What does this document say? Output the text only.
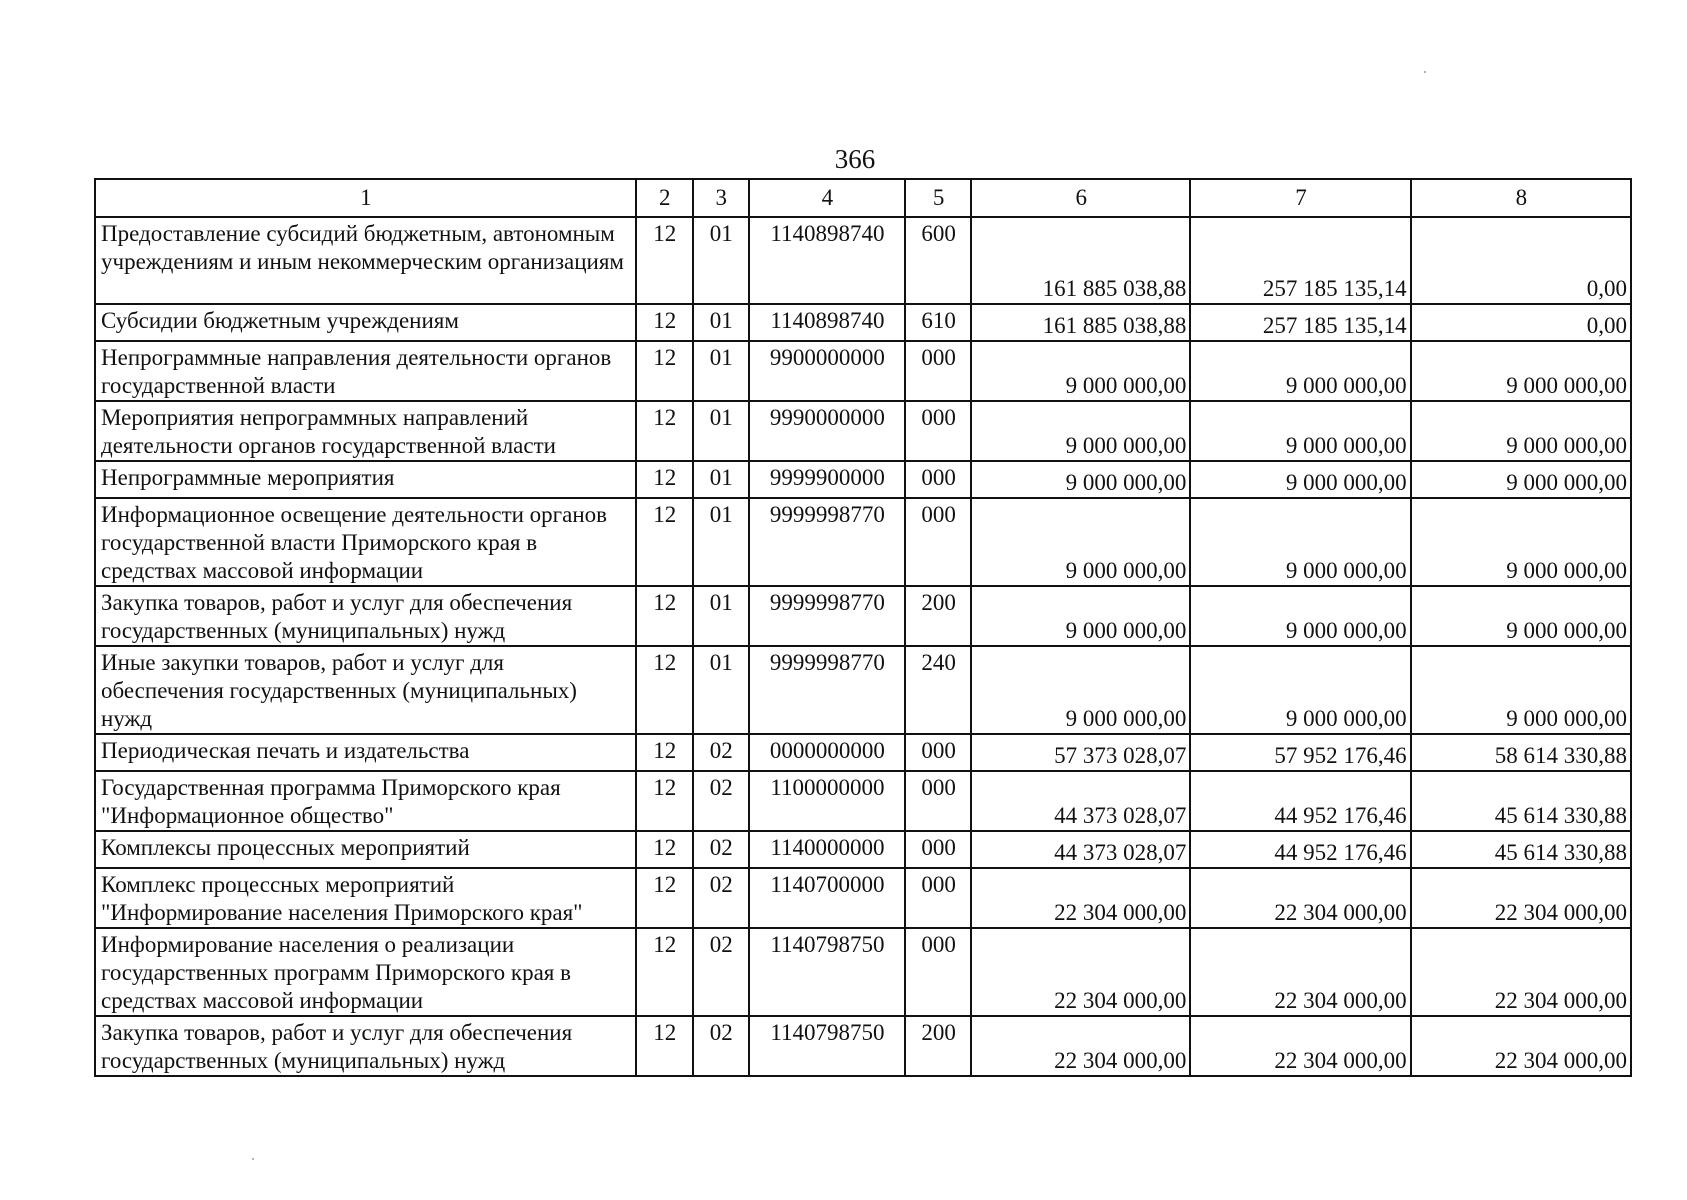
366
1	2	3	4	5	6	7	8
Предоставление субсидий бюджетным, автономным учреждениям и иным некоммерческим организациям	12	01	1140898740	600	161 885 038,88	257 185 135,14	0,00
Субсидии бюджетным учреждениям	12	01	1140898740	610	161 885 038,88	257 185 135,14	0,00
Непрограммные направления деятельности органов государственной власти	12	01	9900000000	000	9 000 000,00	9 000 000,00	9 000 000,00
Мероприятия непрограммных направлений деятельности органов государственной власти	12	01	9990000000	000	9 000 000,00	9 000 000,00	9 000 000,00
Непрограммные мероприятия	12	01	9999900000	000	9 000 000,00	9 000 000,00	9 000 000,00
Информационное освещение деятельности органов государственной власти Приморского края в средствах массовой информации	12	01	9999998770	000	9 000 000,00	9 000 000,00	9 000 000,00
Закупка товаров, работ и услуг для обеспечения государственных (муниципальных) нужд	12	01	9999998770	200	9 000 000,00	9 000 000,00	9 000 000,00
Иные закупки товаров, работ и услуг для обеспечения государственных (муниципальных) нужд	12	01	9999998770	240	9 000 000,00	9 000 000,00	9 000 000,00
Периодическая печать и издательства	12	02	0000000000	000	57 373 028,07	57 952 176,46	58 614 330,88
Государственная программа Приморского края "Информационное общество"	12	02	1100000000	000	44 373 028,07	44 952 176,46	45 614 330,88
Комплексы процессных мероприятий	12	02	1140000000	000	44 373 028,07	44 952 176,46	45 614 330,88
Комплекс процессных мероприятий "Информирование населения Приморского края"	12	02	1140700000	000	22 304 000,00	22 304 000,00	22 304 000,00
Информирование населения о реализации государственных программ Приморского края в средствах массовой информации	12	02	1140798750	000	22 304 000,00	22 304 000,00	22 304 000,00
Закупка товаров, работ и услуг для обеспечения государственных (муниципальных) нужд	12	02	1140798750	200	22 304 000,00	22 304 000,00	22 304 000,00
